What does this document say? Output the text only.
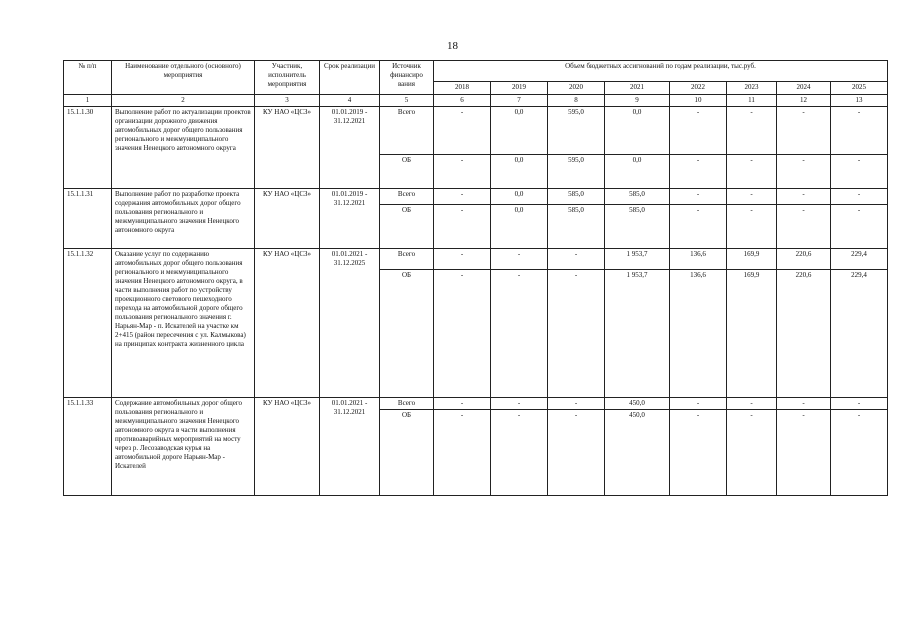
18
№ п/п	Наименование отдельного (основного) мероприятия	Участник, исполнитель мероприятия	Срок реализации	Источник финансиро вания	Объем бюджетных ассигнований по годам реализации, тыс.руб.							
					2018	2019	2020	2021	2022	2023	2024	2025
1	2	3	4	5	6	7	8	9	10	11	12	13
15.1.1.30	Выполнение работ по актуализации проектов организации дорожного движения автомобильных дорог общего пользования регионального и межмуниципального значения Ненецкого автономного округа	КУ НАО «ЦСЗ»	01.01.2019 - 31.12.2021	Всего	-	0,0	595,0	0,0	-	-	-	-
				ОБ	-	0,0	595,0	0,0	-	-	-	-
15.1.1.31	Выполнение работ по разработке проекта содержания автомобильных дорог общего пользования регионального и межмуниципального значения Ненецкого автономного округа	КУ НАО «ЦСЗ»	01.01.2019 - 31.12.2021	Всего	-	0,0	585,0	585,0	-	-	-	-
				ОБ	-	0,0	585,0	585,0	-	-	-	-
15.1.1.32	Оказание услуг по содержанию автомобильных дорог общего пользования регионального и межмуниципального значения Ненецкого автономного округа, в части выполнения работ по устройству проекционного светового пешеходного перехода на автомобильной дороге общего пользования регионального значения г. Нарьян-Мар - п. Искателей на участке км 2+415 (район пересечения с ул. Калмыкова) на принципах контракта жизненного цикла	КУ НАО «ЦСЗ»	01.01.2021 - 31.12.2025	Всего	-	-	-	1 953,7	136,6	169,9	220,6	229,4
				ОБ	-	-	-	1 953,7	136,6	169,9	220,6	229,4
15.1.1.33	Содержание автомобильных дорог общего пользования регионального и межмуниципального значения Ненецкого автономного округа в части выполнения противоаварийных мероприятий на мосту через р. Лесозаводская курья на автомобильной дороге Нарьян-Мар - Искателей	КУ НАО «ЦСЗ»	01.01.2021 - 31.12.2021	Всего	-	-	-	450,0	-	-	-	-
				ОБ	-	-	-	450,0	-	-	-	-
